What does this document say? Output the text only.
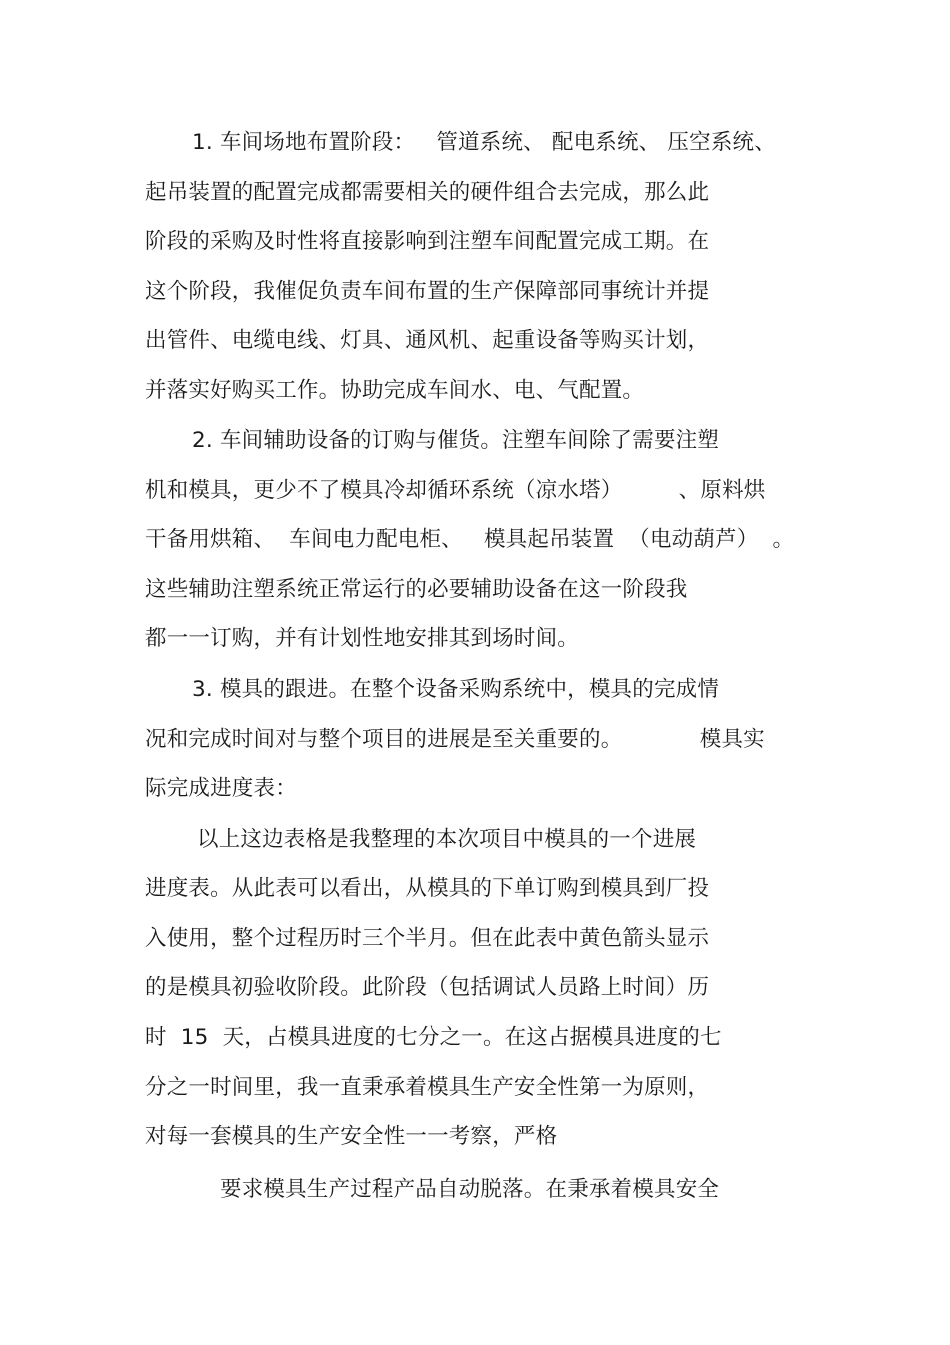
1. 车间场地布置阶段：   管道系统、 配电系统、 压空系统、
起吊装置的配置完成都需要相关的硬件组合去完成，那么此
阶段的采购及时性将直接影响到注塑车间配置完成工期。在
这个阶段，我催促负责车间布置的生产保障部同事统计并提
出管件、电缆电线、灯具、通风机、起重设备等购买计划，
并落实好购买工作。协助完成车间水、电、气配置。
2. 车间辅助设备的订购与催货。注塑车间除了需要注塑
机和模具，更少不了模具冷却循环系统（凉水塔）        、原料烘
干备用烘箱、  车间电力配电柜、   模具起吊装置  （电动葫芦）  。
这些辅助注塑系统正常运行的必要辅助设备在这一阶段我
都一一订购，并有计划性地安排其到场时间。
3. 模具的跟进。在整个设备采购系统中，模具的完成情
况和完成时间对与整个项目的进展是至关重要的。           模具实
际完成进度表：
以上这边表格是我整理的本次项目中模具的一个进展
进度表。从此表可以看出，从模具的下单订购到模具到厂投
入使用，整个过程历时三个半月。但在此表中黄色箭头显示
的是模具初验收阶段。此阶段（包括调试人员路上时间）历
时  15  天，占模具进度的七分之一。在这占据模具进度的七
分之一时间里，我一直秉承着模具生产安全性第一为原则，
对每一套模具的生产安全性一一考察，严格
要求模具生产过程产品自动脱落。在秉承着模具安全
